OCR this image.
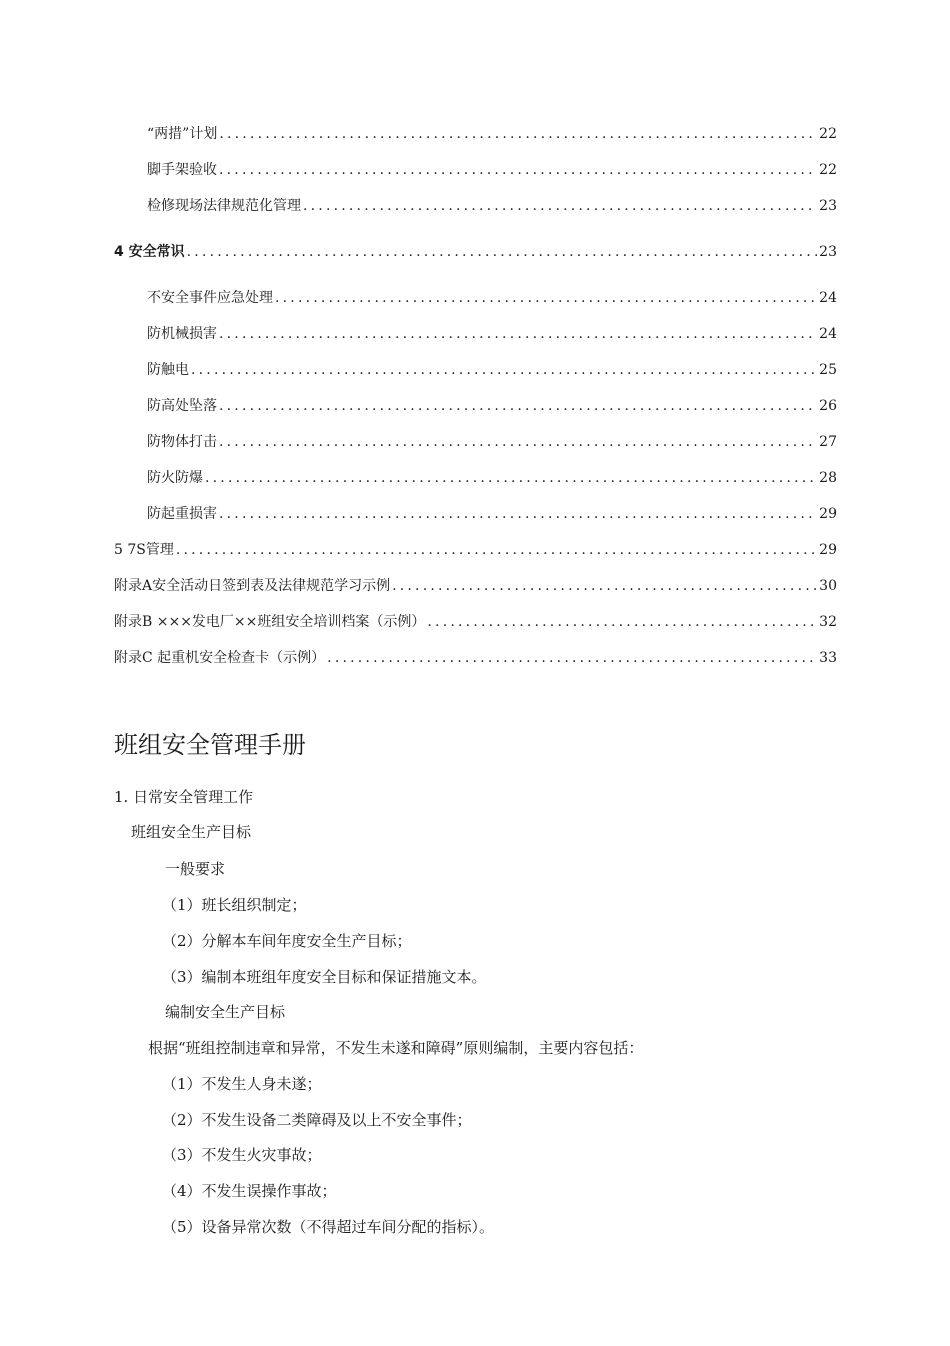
“两措”计划 .....	22
脚手架验收 .....	22
检修现场法律规范化管理 .....	23
4 安全常识 .....	23
不安全事件应急处理 .....	24
防机械损害 .....	24
防触电 .....	25
防高处坠落 .....	26
防物体打击 .....	27
防火防爆 .....	28
防起重损害 .....	29
5 7S管理 .....	29
附录A安全活动日签到表及法律规范学习示例 .....	30
附录B ×××发电厂××班组安全培训档案（示例） .....	32
附录C 起重机安全检查卡（示例） .....	33
班组安全管理手册
1. 日常安全管理工作
班组安全生产目标
一般要求
（1）班长组织制定；
（2）分解本车间年度安全生产目标；
（3）编制本班组年度安全目标和保证措施文本。
编制安全生产目标
根据“班组控制违章和异常，不发生未遂和障碍”原则编制，主要内容包括：
（1）不发生人身未遂；
（2）不发生设备二类障碍及以上不安全事件；
（3）不发生火灾事故；
（4）不发生误操作事故；
（5）设备异常次数（不得超过车间分配的指标）。
